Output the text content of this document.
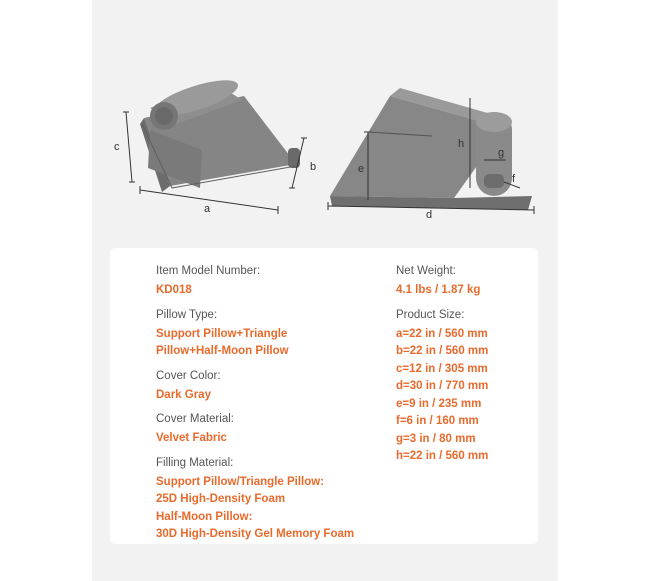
c
a
b
h
e
g
f
d
Item Model Number:
KD018
Pillow Type:
Support Pillow+Triangle
Pillow+Half-Moon Pillow
Cover Color:
Dark Gray
Cover Material:
Velvet Fabric
Filling Material:
Support Pillow/Triangle Pillow:
25D High-Density Foam
Half-Moon Pillow:
30D High-Density Gel Memory Foam
Net Weight:
4.1 lbs / 1.87 kg
Product Size:
a=22 in / 560 mm
b=22 in / 560 mm
c=12 in / 305 mm
d=30 in / 770 mm
e=9 in / 235 mm
f=6 in / 160 mm
g=3 in / 80 mm
h=22 in / 560 mm
